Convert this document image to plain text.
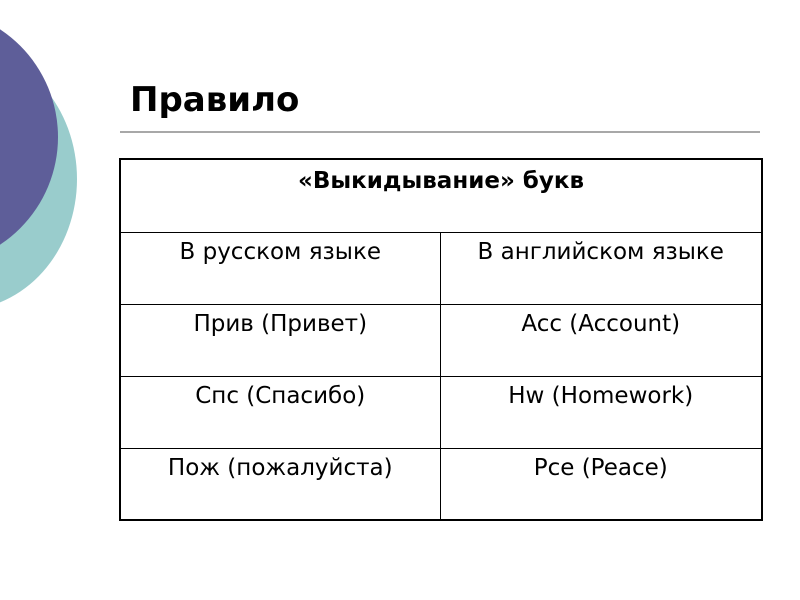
Правило
«Выкидывание» букв	
В русском языке	В английском языке
Прив (Привет)	Acc (Account)
Спс (Спасибо)	Hw (Homework)
Пож (пожалуйста)	Pce (Peace)
